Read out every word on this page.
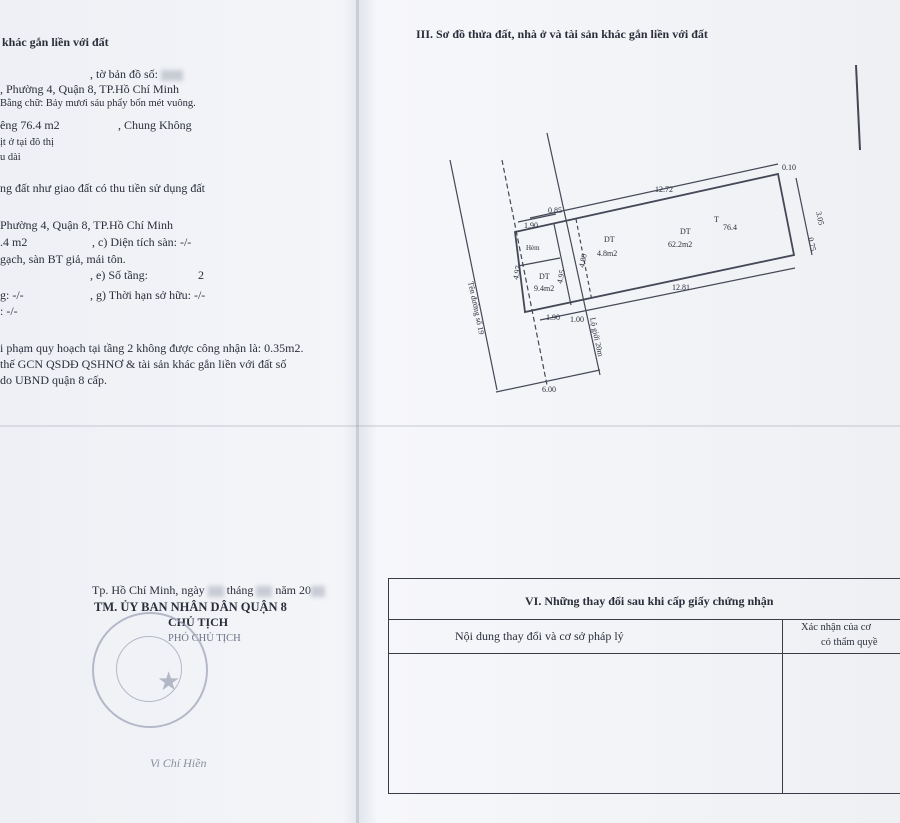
khác gắn liền với đất
, tờ bản đồ số:
, Phường 4, Quận 8, TP.Hồ Chí Minh
Bằng chữ: Bảy mươi sáu phẩy bốn mét vuông.
êng 76.4 m2	, Chung Không
ịt ở tại đô thị
u dài
ng đất như giao đất có thu tiền sử dụng đất
Phường 4, Quận 8, TP.Hồ Chí Minh
.4 m2	, c) Diện tích sàn: -/-
gạch, sàn BT giả, mái tôn.
, e) Số tầng:	2
g: -/-	, g) Thời hạn sở hữu: -/-
: -/-
i phạm quy hoạch tại tầng 2 không được công nhận là: 0.35m2.
thế GCN QSDĐ QSHNƠ & tài sản khác gắn liền với đất số
do UBND quận 8 cấp.
Tp. Hồ Chí Minh, ngày tháng năm 20
TM. ỦY BAN NHÂN DÂN QUẬN 8
CHỦ TỊCH
PHÓ CHỦ TỊCH
★
Vi Chí Hiền
III. Sơ đồ thửa đất, nhà ở và tài sản khác gắn liền với đất
12.72
12.81
0.10
1.90
0.85
1.90 1.00
6.00
4.97	4.95
4.80
3.05
0.75
Hẻm
DT
4.8m2
DT
62.2m2
DT
9.4m2
T
76.4
Tên đường số 19
Lộ giới 20m
VI. Những thay đổi sau khi cấp giấy chứng nhận
Nội dung thay đổi và cơ sở pháp lý
Xác nhận của cơ
có thẩm quyề
